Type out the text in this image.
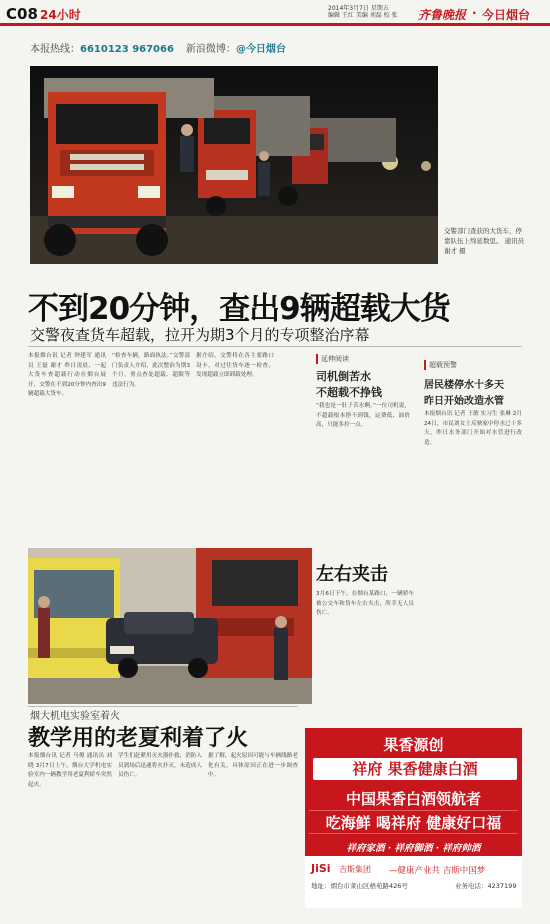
C08 24小时	2014年3月7日 星期五
编辑 王红 美编 刘磊 校 张	齐鲁晚报 · 今日烟台
本报热线：6610123 967066 新浪微博：@今日烟台
交警部门查获的大货车，停靠队伍上绵延数里。 通讯员 谢才 摄
不到20分钟，查出9辆超载大货
交警夜查货车超载，拉开为期3个月的专项整治序幕
本报烟台讯 记者 钟建军 通讯员 王磊 谢才 昨日凌晨，一起大货车查超载行动在烟台展开，交警在不到20分钟内查出9辆超载大货车。
“检查车辆，路面执法。”交警部门负责人介绍，此次整治为期3个月，重点查处超载、超限等违法行为。
据介绍，交警将在各主要路口设卡，对过往货车逐一检查，发现超载立即卸载处理。
延伸阅读
司机倒苦水
不超载不挣钱
“我也是一肚子苦水啊。”一位司机说，不超载根本挣不到钱，运费低、油价高，只能多拉一点。
超载预警
居民楼停水十多天
昨日开始改造水管
本报烟台讯 记者 王敏 实习生 张琳 2月24日，市民刘女士反映家中停水已十多天，昨日水务部门开始对水管进行改造。
左右夹击
3月6日下午，在烟台某路口，一辆轿车被公交车和货车左右夹击，所幸无人员伤亡。
烟大机电实验室着火
教学用的老夏利着了火
本报烟台讯 记者 马俊 通讯员 刘晓 3月7日上午，烟台大学机电实验室内一辆教学用老夏利轿车突然起火。
学生们赶紧用灭火器扑救，消防人员到场后迅速将火扑灭，未造成人员伤亡。
据了解，起火原因可能与车辆线路老化有关，具体原因正在进一步调查中。
果香源创
祥府 果香健康白酒
中国果香白酒领航者
吃海鲜 喝祥府 健康好口福
祥府家酒 · 祥府御酒 · 祥府帅酒
JiSi 吉斯集团 —健康产业共 吉斯中国梦
地址：烟台市莱山区梧苑路426号	业务电话：4237199
